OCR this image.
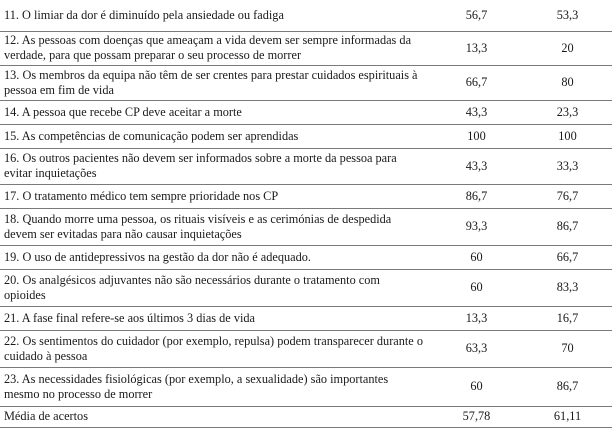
11. O limiar da dor é diminuído pela ansiedade ou fadiga	56,7	53,3
12. As pessoas com doenças que ameaçam a vida devem ser sempre informadas da verdade, para que possam preparar o seu processo de morrer	13,3	20
13. Os membros da equipa não têm de ser crentes para prestar cuidados espirituais à pessoa em fim de vida	66,7	80
14. A pessoa que recebe CP deve aceitar a morte	43,3	23,3
15. As competências de comunicação podem ser aprendidas	100	100
16. Os outros pacientes não devem ser informados sobre a morte da pessoa para evitar inquietações	43,3	33,3
17. O tratamento médico tem sempre prioridade nos CP	86,7	76,7
18. Quando morre uma pessoa, os rituais visíveis e as cerimónias de despedida devem ser evitadas para não causar inquietações	93,3	86,7
19. O uso de antidepressivos na gestão da dor não é adequado.	60	66,7
20. Os analgésicos adjuvantes não são necessários durante o tratamento com opioides	60	83,3
21. A fase final refere-se aos últimos 3 dias de vida	13,3	16,7
22. Os sentimentos do cuidador (por exemplo, repulsa) podem transparecer durante o cuidado à pessoa	63,3	70
23. As necessidades fisiológicas (por exemplo, a sexualidade) são importantes mesmo no processo de morrer	60	86,7
Média de acertos	57,78	61,11
